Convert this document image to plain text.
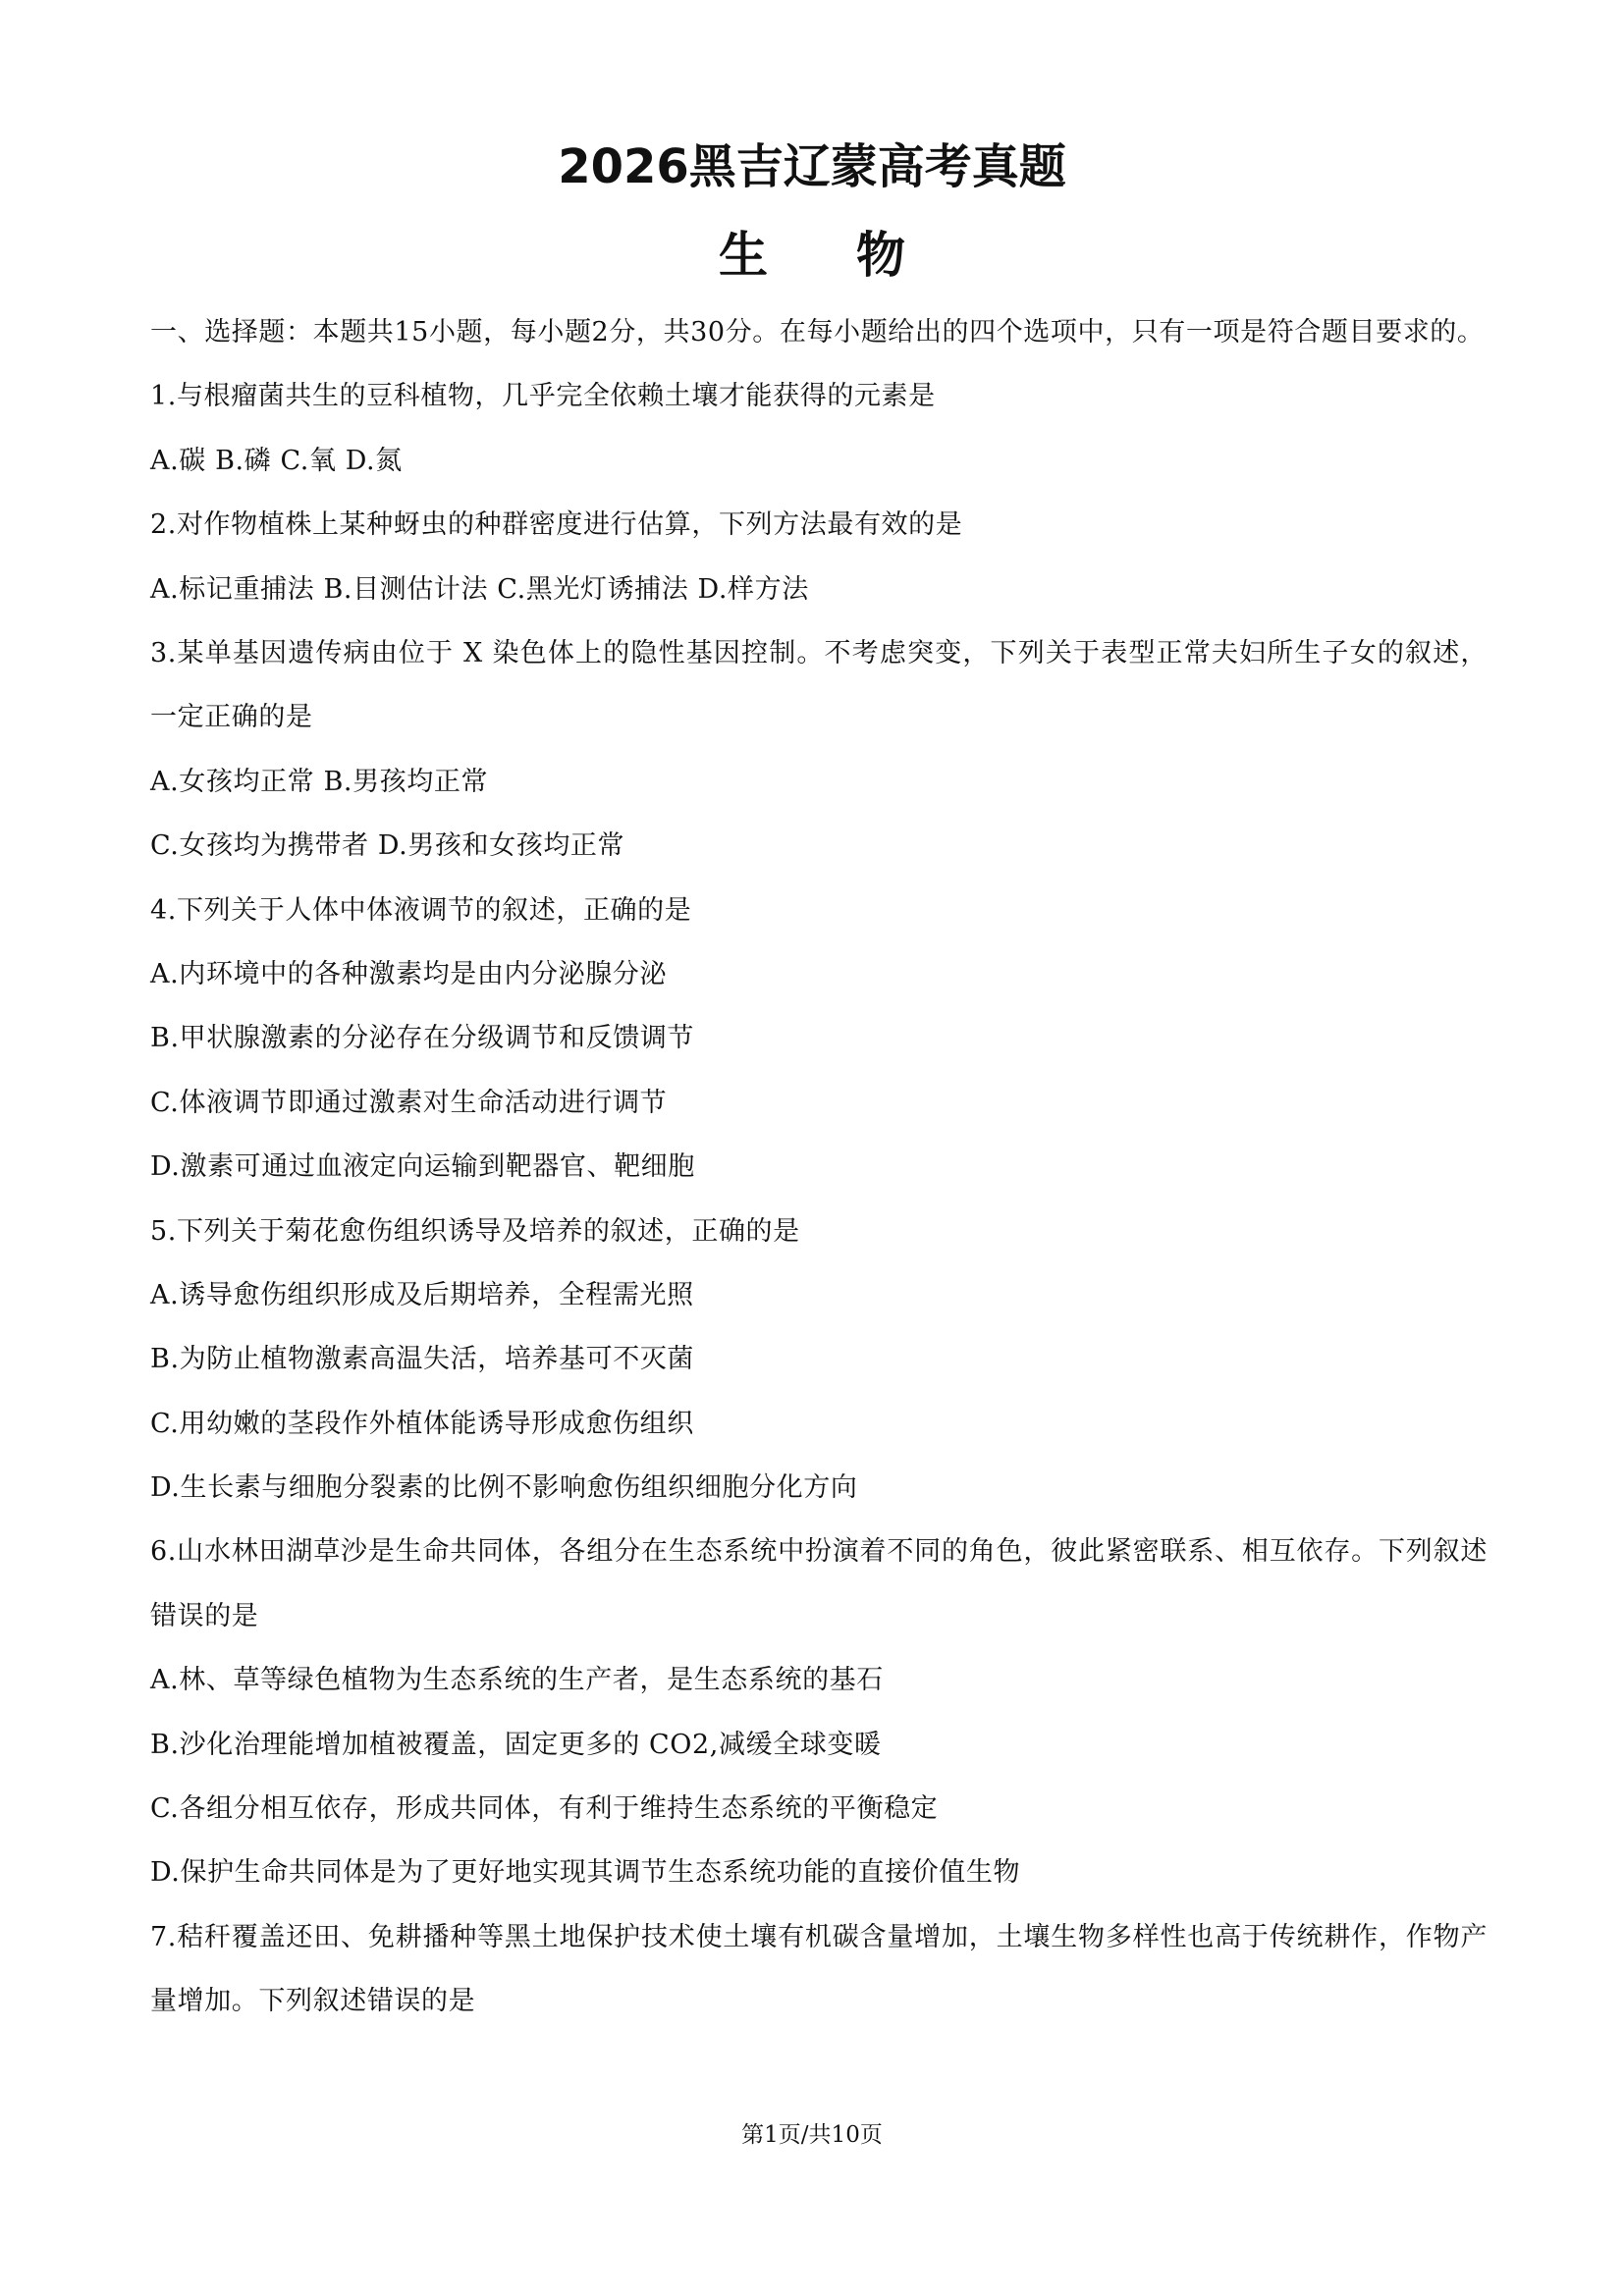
2026黑吉辽蒙高考真题
生物
一、选择题：本题共15小题，每小题2分，共30分。在每小题给出的四个选项中，只有一项是符合题目要求的。
1.与根瘤菌共生的豆科植物，几乎完全依赖土壤才能获得的元素是
A.碳 B.磷 C.氧 D.氮
2.对作物植株上某种蚜虫的种群密度进行估算，下列方法最有效的是
A.标记重捕法 B.目测估计法 C.黑光灯诱捕法 D.样方法
3.某单基因遗传病由位于 X 染色体上的隐性基因控制。不考虑突变，下列关于表型正常夫妇所生子女的叙述，一定正确的是
A.女孩均正常 B.男孩均正常
C.女孩均为携带者 D.男孩和女孩均正常
4.下列关于人体中体液调节的叙述，正确的是
A.内环境中的各种激素均是由内分泌腺分泌
B.甲状腺激素的分泌存在分级调节和反馈调节
C.体液调节即通过激素对生命活动进行调节
D.激素可通过血液定向运输到靶器官、靶细胞
5.下列关于菊花愈伤组织诱导及培养的叙述，正确的是
A.诱导愈伤组织形成及后期培养，全程需光照
B.为防止植物激素高温失活，培养基可不灭菌
C.用幼嫩的茎段作外植体能诱导形成愈伤组织
D.生长素与细胞分裂素的比例不影响愈伤组织细胞分化方向
6.山水林田湖草沙是生命共同体，各组分在生态系统中扮演着不同的角色，彼此紧密联系、相互依存。下列叙述错误的是
A.林、草等绿色植物为生态系统的生产者，是生态系统的基石
B.沙化治理能增加植被覆盖，固定更多的 CO2,减缓全球变暖
C.各组分相互依存，形成共同体，有利于维持生态系统的平衡稳定
D.保护生命共同体是为了更好地实现其调节生态系统功能的直接价值生物
7.秸秆覆盖还田、免耕播种等黑土地保护技术使土壤有机碳含量增加，土壤生物多样性也高于传统耕作，作物产量增加。下列叙述错误的是
第1页/共10页
